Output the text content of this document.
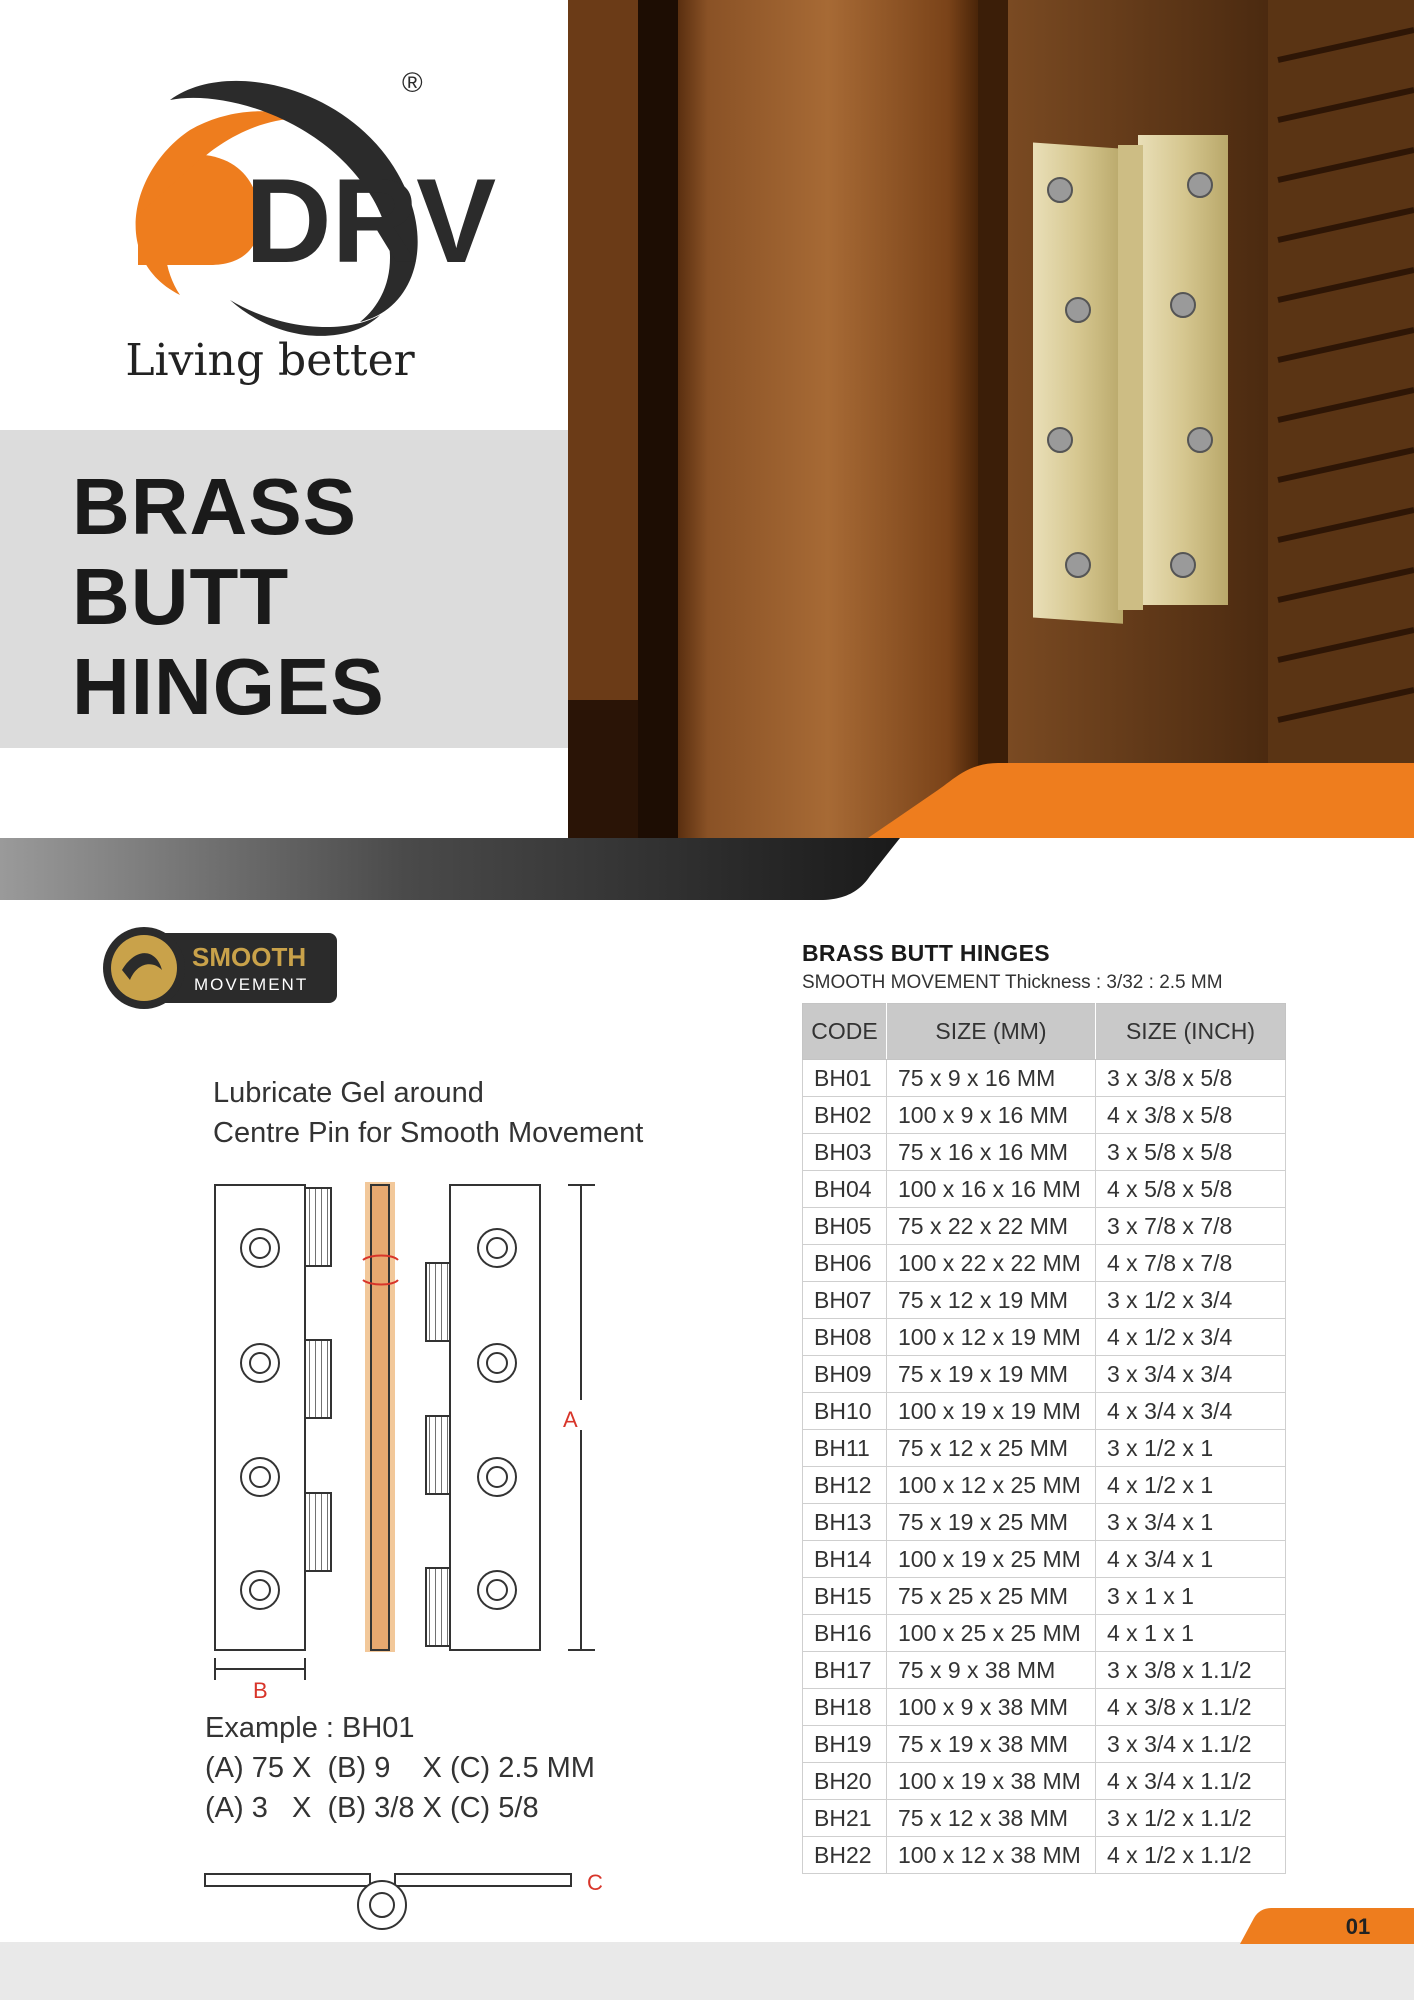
DRV
®
Living better
BRASS
BUTT
HINGES
SMOOTH
MOVEMENT
Lubricate Gel around
Centre Pin for Smooth Movement
A
B
Example : BH01
(A) 75 X  (B) 9    X (C) 2.5 MM
(A) 3   X  (B) 3/8 X (C) 5/8
C
BRASS BUTT HINGES
SMOOTH MOVEMENT Thickness : 3/32 : 2.5 MM
CODE	SIZE (MM)	SIZE (INCH)
BH01	75 x 9 x 16 MM	3 x 3/8 x 5/8
BH02	100 x 9 x 16 MM	4 x 3/8 x 5/8
BH03	75 x 16 x 16 MM	3 x 5/8 x 5/8
BH04	100 x 16 x 16 MM	4 x 5/8 x 5/8
BH05	75 x 22 x 22 MM	3 x 7/8 x 7/8
BH06	100 x 22 x 22 MM	4 x 7/8 x 7/8
BH07	75 x 12 x 19 MM	3 x 1/2 x 3/4
BH08	100 x 12 x 19 MM	4 x 1/2 x 3/4
BH09	75 x 19 x 19 MM	3 x 3/4 x 3/4
BH10	100 x 19 x 19 MM	4 x 3/4 x 3/4
BH11	75 x 12 x 25 MM	3 x 1/2 x 1
BH12	100 x 12 x 25 MM	4 x 1/2 x 1
BH13	75 x 19 x 25 MM	3 x 3/4 x 1
BH14	100 x 19 x 25 MM	4 x 3/4 x 1
BH15	75 x 25 x 25 MM	3 x 1 x 1
BH16	100 x 25 x 25 MM	4 x 1 x 1
BH17	75 x 9 x 38 MM	3 x 3/8 x 1.1/2
BH18	100 x 9 x 38 MM	4 x 3/8 x 1.1/2
BH19	75 x 19 x 38 MM	3 x 3/4 x 1.1/2
BH20	100 x 19 x 38 MM	4 x 3/4 x 1.1/2
BH21	75 x 12 x 38 MM	3 x 1/2 x 1.1/2
BH22	100 x 12 x 38 MM	4 x 1/2 x 1.1/2
01
